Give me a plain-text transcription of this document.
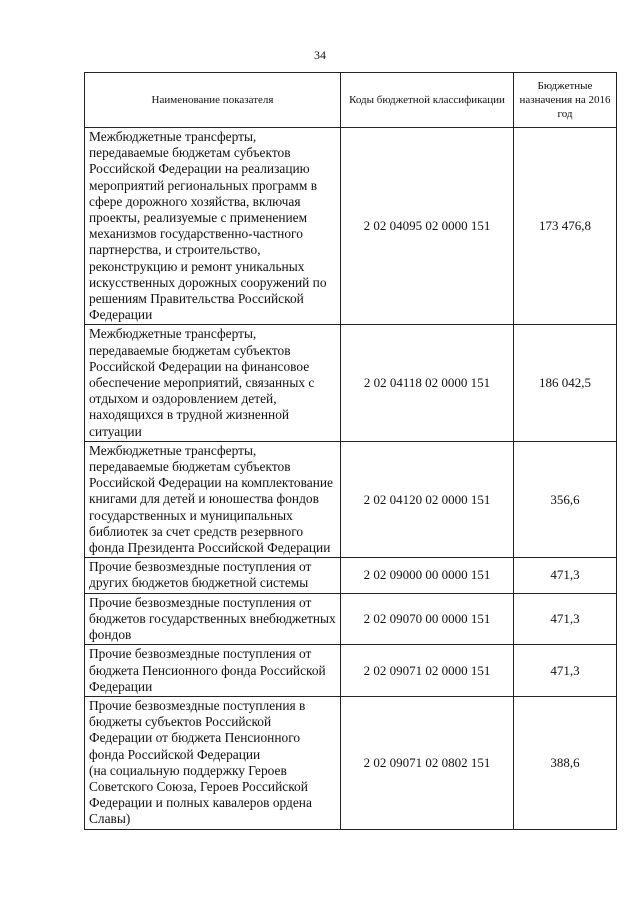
34
Наименование показателя	Коды бюджетной классификации	Бюджетные назначения на 2016 год
Межбюджетные трансферты, передаваемые бюджетам субъектов Российской Федерации на реализацию мероприятий региональных программ в сфере дорожного хозяйства, включая проекты, реализуемые с применением механизмов государственно-частного партнерства, и строительство, реконструкцию и ремонт уникальных искусственных дорожных сооружений по решениям Правительства Российской Федерации	2 02 04095 02 0000 151	173 476,8
Межбюджетные трансферты, передаваемые бюджетам субъектов Российской Федерации на финансовое обеспечение мероприятий, связанных с отдыхом и оздоровлением детей, находящихся в трудной жизненной ситуации	2 02 04118 02 0000 151	186 042,5
Межбюджетные трансферты, передаваемые бюджетам субъектов Российской Федерации на комплектование книгами для детей и юношества фондов государственных и муниципальных библиотек за счет средств резервного фонда Президента Российской Федерации	2 02 04120 02 0000 151	356,6
Прочие безвозмездные поступления от других бюджетов бюджетной системы	2 02 09000 00 0000 151	471,3
Прочие безвозмездные поступления от бюджетов государственных внебюджетных фондов	2 02 09070 00 0000 151	471,3
Прочие безвозмездные поступления от бюджета Пенсионного фонда Российской Федерации	2 02 09071 02 0000 151	471,3
Прочие безвозмездные поступления в бюджеты субъектов Российской Федерации от бюджета Пенсионного фонда Российской Федерации
(на социальную поддержку Героев Советского Союза, Героев Российской Федерации и полных кавалеров ордена Славы)	2 02 09071 02 0802 151	388,6
